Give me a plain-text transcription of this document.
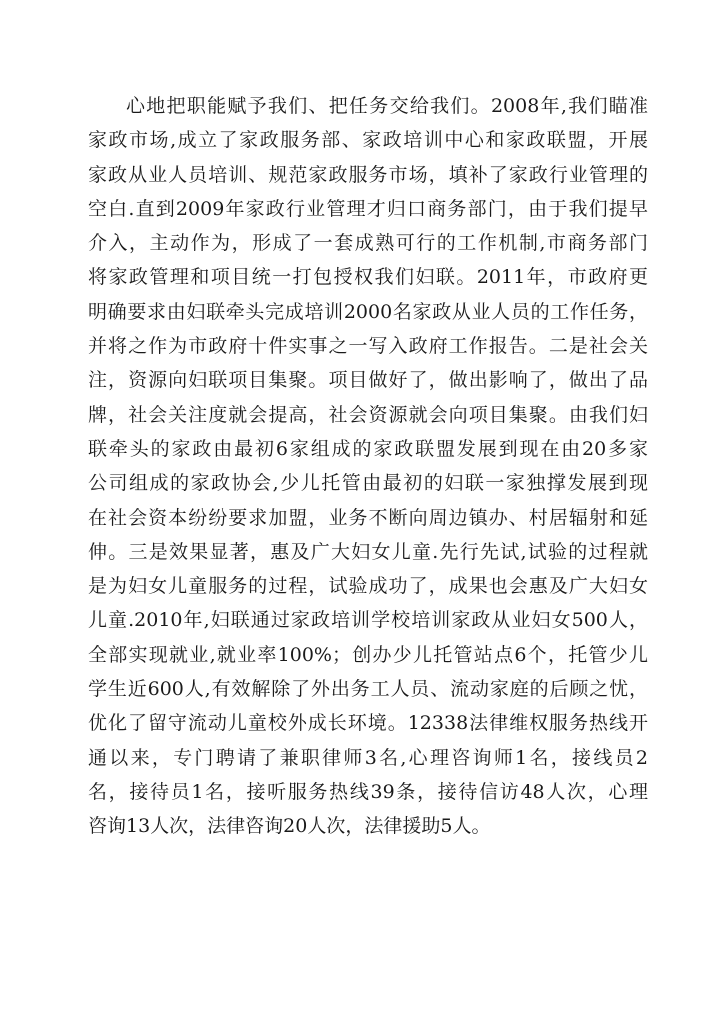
心地把职能赋予我们、把任务交给我们。2008年,我们瞄准
家政市场,成立了家政服务部、家政培训中心和家政联盟，开展
家政从业人员培训、规范家政服务市场，填补了家政行业管理的
空白.直到2009年家政行业管理才归口商务部门，由于我们提早
介入，主动作为，形成了一套成熟可行的工作机制,市商务部门
将家政管理和项目统一打包授权我们妇联。2011年，市政府更
明确要求由妇联牵头完成培训2000名家政从业人员的工作任务，
并将之作为市政府十件实事之一写入政府工作报告。二是社会关
注，资源向妇联项目集聚。项目做好了，做出影响了，做出了品
牌，社会关注度就会提高，社会资源就会向项目集聚。由我们妇
联牵头的家政由最初6家组成的家政联盟发展到现在由20多家
公司组成的家政协会,少儿托管由最初的妇联一家独撑发展到现
在社会资本纷纷要求加盟，业务不断向周边镇办、村居辐射和延
伸。三是效果显著，惠及广大妇女儿童.先行先试,试验的过程就
是为妇女儿童服务的过程，试验成功了，成果也会惠及广大妇女
儿童.2010年,妇联通过家政培训学校培训家政从业妇女500人，
全部实现就业,就业率100%；创办少儿托管站点6个，托管少儿
学生近600人,有效解除了外出务工人员、流动家庭的后顾之忧，
优化了留守流动儿童校外成长环境。12338法律维权服务热线开
通以来，专门聘请了兼职律师3名,心理咨询师1名，接线员2
名，接待员1名，接听服务热线39条，接待信访48人次，心理
咨询13人次，法律咨询20人次，法律援助5人。
